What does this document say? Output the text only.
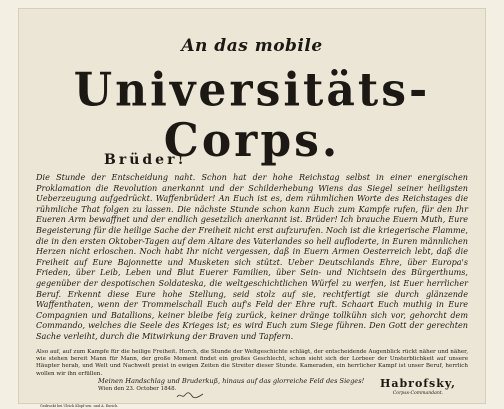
An das mobile
Universitäts-Corps.
Brüder!
Die Stunde der Entscheidung naht. Schon hat der hohe Reichstag selbst in einer energischen Proklamation die Revolution anerkannt und der Schilderhebung Wiens das Siegel seiner heiligsten Ueberzeugung aufgedrückt. Waffenbrüder! An Euch ist es, dem rühmlichen Worte des Reichstages die rühmliche That folgen zu lassen. Die nächste Stunde schon kann Euch zum Kampfe rufen, für den Ihr Eueren Arm bewaffnet und der endlich gesetzlich anerkannt ist. Brüder! Ich brauche Euern Muth, Eure Begeisterung für die heilige Sache der Freiheit nicht erst aufzurufen. Noch ist die kriegerische Flamme, die in den ersten Oktober-Tagen auf dem Altare des Vaterlandes so hell aufloderte, in Euren männlichen Herzen nicht erloschen. Noch habt Ihr nicht vergessen, daß in Euern Armen Oesterreich lebt, daß die Freiheit auf Eure Bajonnette und Musketen sich stützt. Ueber Deutschlands Ehre, über Europa's Frieden, über Leib, Leben und Blut Euerer Familien, über Sein- und Nichtsein des Bürgerthums, gegenüber der despotischen Soldateska, die weltgeschichtlichen Würfel zu werfen, ist Euer herrlicher Beruf. Erkennt diese Eure hohe Stellung, seid stolz auf sie, rechtfertigt sie durch glänzende Waffenthaten, wenn der Trommelschall Euch auf's Feld der Ehre ruft. Schaart Euch muthig in Eure Compagnien und Batallions, keiner bleibe feig zurück, keiner dränge tollkühn sich vor, gehorcht dem Commando, welches die Seele des Krieges ist; es wird Euch zum Siege führen. Den Gott der gerechten Sache verleiht, durch die Mitwirkung der Braven und Tapfern.
Also auf, auf zum Kampfe für die heilige Freiheit. Horch, die Stunde der Weltgeschichte schlägt, der entscheidende Augenblick rückt näher und näher, wie stehen bereit Mann für Mann, der große Moment findet ein großes Geschlecht, schon sieht sich der Lorbeer der Unsterblichkeit auf unsere Häupter herab, und Welt und Nachwelt preist in ewigen Zeiten die Streiter dieser Stunde. Kameraden, ein herrlicher Kampf ist unser Beruf, herrlich wollen wir ihn erfüllen.
Meinen Handschlag und Bruderkuß, hinaus auf das glorreiche Feld des Sieges!
Wien den 23. October 1848.	Habrofsky,
Corpss-Commandant.
Gedruckt bei Ulrich Klopf sen. und A. Eurich.
